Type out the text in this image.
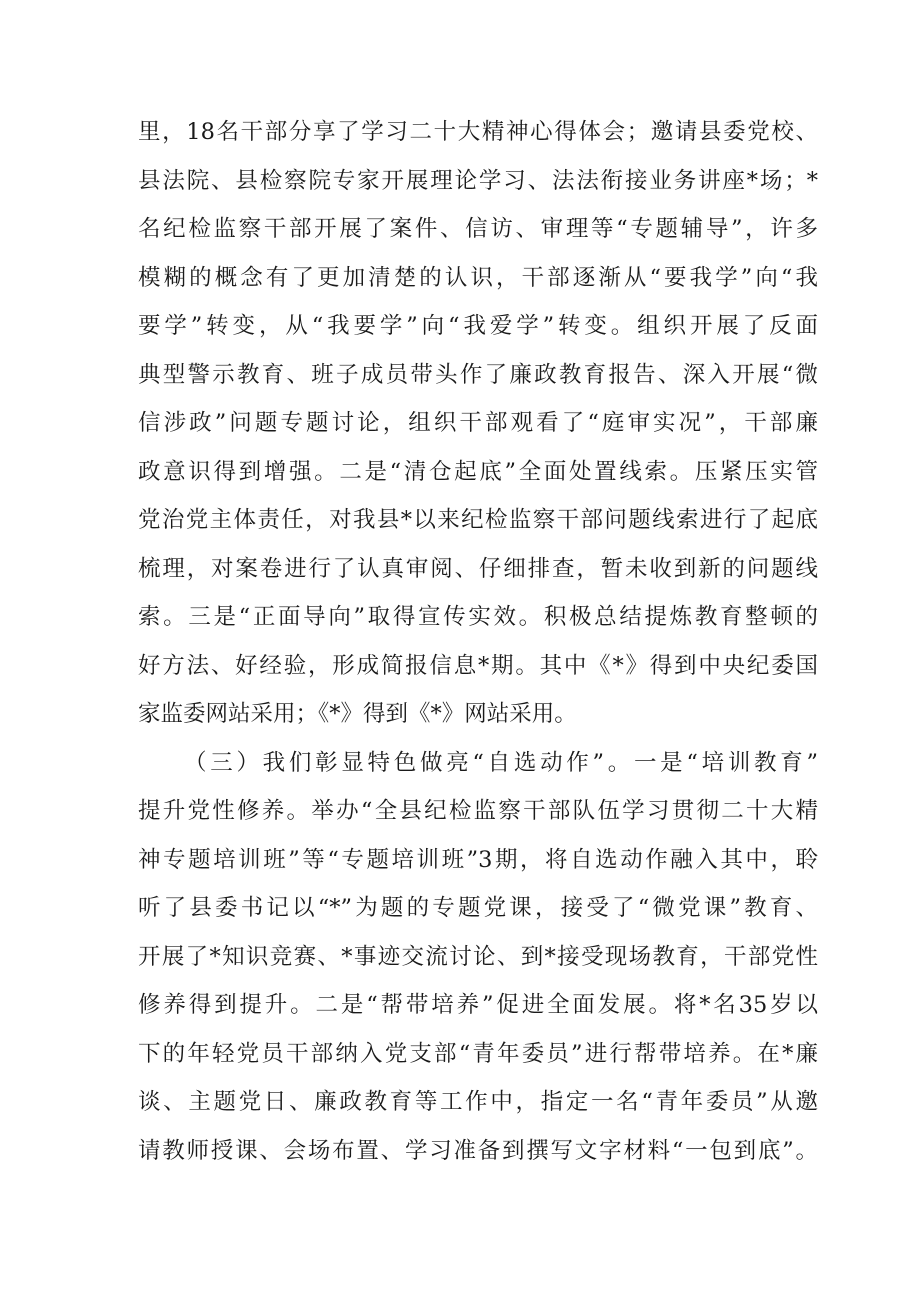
里，18名干部分享了学习二十大精神心得体会；邀请县委党校、
县法院、县检察院专家开展理论学习、法法衔接业务讲座*场；*
名纪检监察干部开展了案件、信访、审理等“专题辅导”，许多
模糊的概念有了更加清楚的认识，干部逐渐从“要我学”向“我
要学”转变，从“我要学”向“我爱学”转变。组织开展了反面
典型警示教育、班子成员带头作了廉政教育报告、深入开展“微
信涉政”问题专题讨论，组织干部观看了“庭审实况”，干部廉
政意识得到增强。二是“清仓起底”全面处置线索。压紧压实管
党治党主体责任，对我县*以来纪检监察干部问题线索进行了起底
梳理，对案卷进行了认真审阅、仔细排查，暂未收到新的问题线
索。三是“正面导向”取得宣传实效。积极总结提炼教育整顿的
好方法、好经验，形成简报信息*期。其中《*》得到中央纪委国
家监委网站采用；《*》得到《*》网站采用。
（三）我们彰显特色做亮“自选动作”。一是“培训教育”
提升党性修养。举办“全县纪检监察干部队伍学习贯彻二十大精
神专题培训班”等“专题培训班”3期，将自选动作融入其中，聆
听了县委书记以“*”为题的专题党课，接受了“微党课”教育、
开展了*知识竞赛、*事迹交流讨论、到*接受现场教育，干部党性
修养得到提升。二是“帮带培养”促进全面发展。将*名35岁以
下的年轻党员干部纳入党支部“青年委员”进行帮带培养。在*廉
谈、主题党日、廉政教育等工作中，指定一名“青年委员”从邀
请教师授课、会场布置、学习准备到撰写文字材料“一包到底”。
